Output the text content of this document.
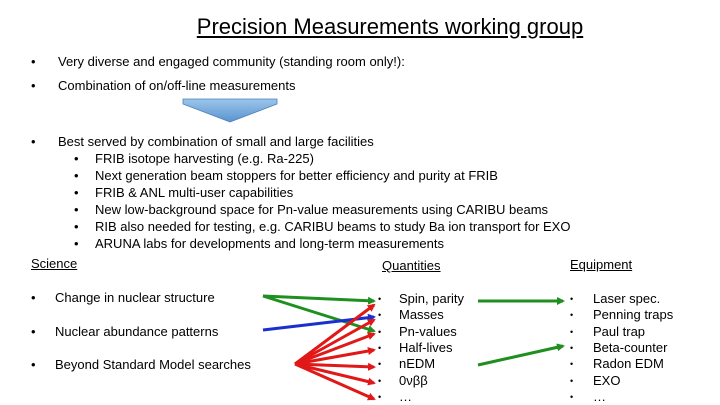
Precision Measurements working group
• Very diverse and engaged community (standing room only!):
• Combination of on/off-line measurements
• Best served by combination of small and large facilities
• FRIB isotope harvesting (e.g. Ra-225)
• Next generation beam stoppers for better efficiency and purity at FRIB
• FRIB & ANL multi-user capabilities
• New low-background space for Pn-value measurements using CARIBU beams
• RIB also needed for testing, e.g. CARIBU beams to study Ba ion transport for EXO
• ARUNA labs for developments and long-term measurements
Science	Quantities	Equipment
• Change in nuclear structure
• Nuclear abundance patterns
• Beyond Standard Model searches
• Spin, parity
• Masses
• Pn-values
• Half-lives
• nEDM
• 0νββ
• …
• Laser spec.
• Penning traps
• Paul trap
• Beta-counter
• Radon EDM
• EXO
• …
